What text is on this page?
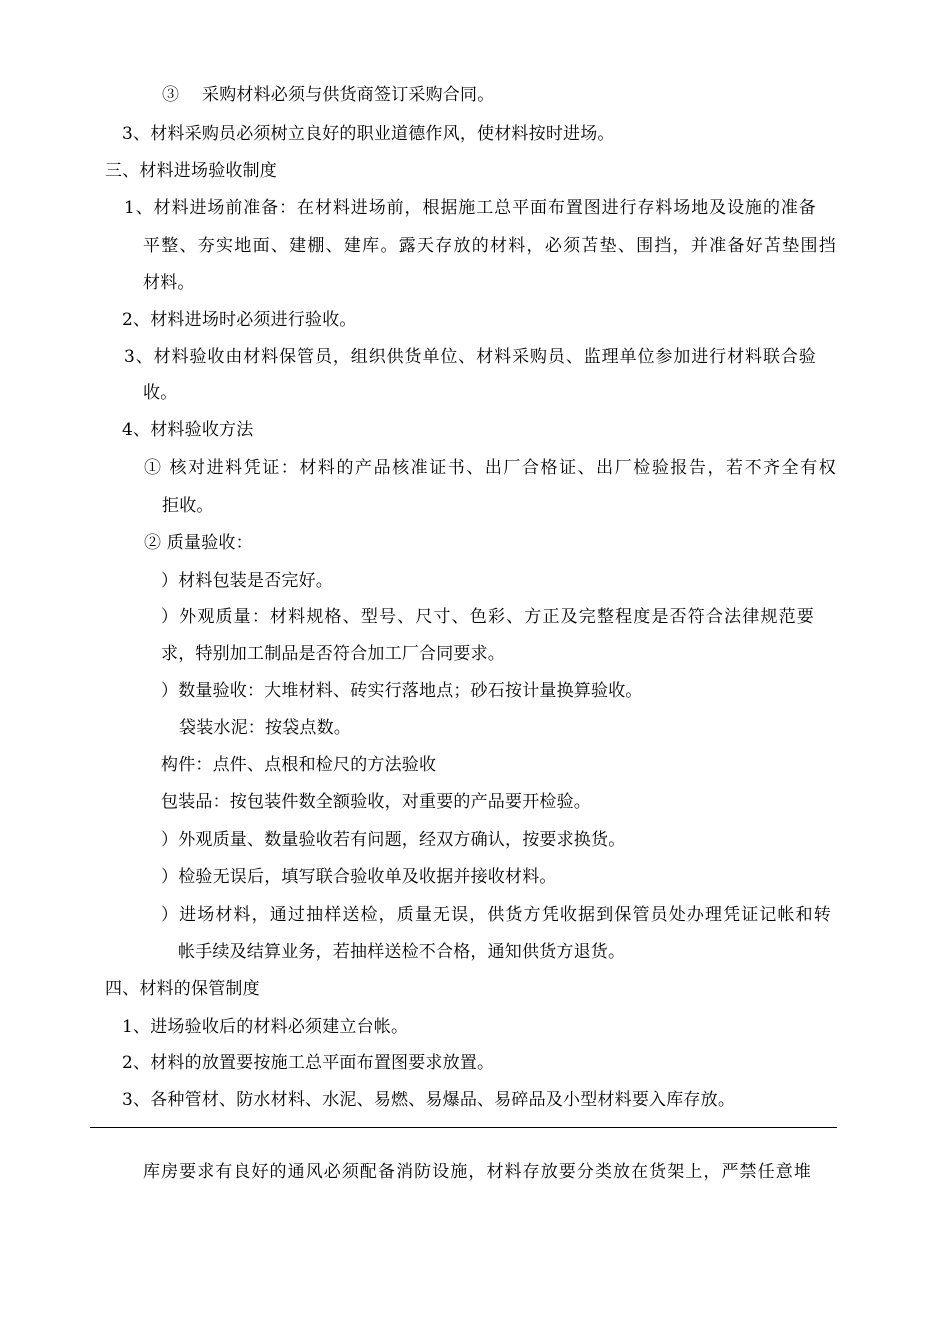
③　 采购材料必须与供货商签订采购合同。
3、材料采购员必须树立良好的职业道德作风，使材料按时进场。
三、材料进场验收制度
1、材料进场前准备：在材料进场前，根据施工总平面布置图进行存料场地及设施的准备
平整、夯实地面、建棚、建库。露天存放的材料，必须苫垫、围挡，并准备好苫垫围挡
材料。
2、材料进场时必须进行验收。
3、材料验收由材料保管员，组织供货单位、材料采购员、监理单位参加进行材料联合验
收。
4、材料验收方法
① 核对进料凭证：材料的产品核准证书、出厂合格证、出厂检验报告，若不齐全有权
拒收。
② 质量验收：
）材料包装是否完好。
）外观质量：材料规格、型号、尺寸、色彩、方正及完整程度是否符合法律规范要
求，特别加工制品是否符合加工厂合同要求。
）数量验收：大堆材料、砖实行落地点；砂石按计量换算验收。
袋装水泥：按袋点数。
构件：点件、点根和检尺的方法验收
包装品：按包装件数全额验收，对重要的产品要开检验。
）外观质量、数量验收若有问题，经双方确认，按要求换货。
）检验无误后，填写联合验收单及收据并接收材料。
）进场材料，通过抽样送检，质量无误，供货方凭收据到保管员处办理凭证记帐和转
帐手续及结算业务，若抽样送检不合格，通知供货方退货。
四、材料的保管制度
1、进场验收后的材料必须建立台帐。
2、材料的放置要按施工总平面布置图要求放置。
3、各种管材、防水材料、水泥、易燃、易爆品、易碎品及小型材料要入库存放。
库房要求有良好的通风必须配备消防设施，材料存放要分类放在货架上，严禁任意堆
